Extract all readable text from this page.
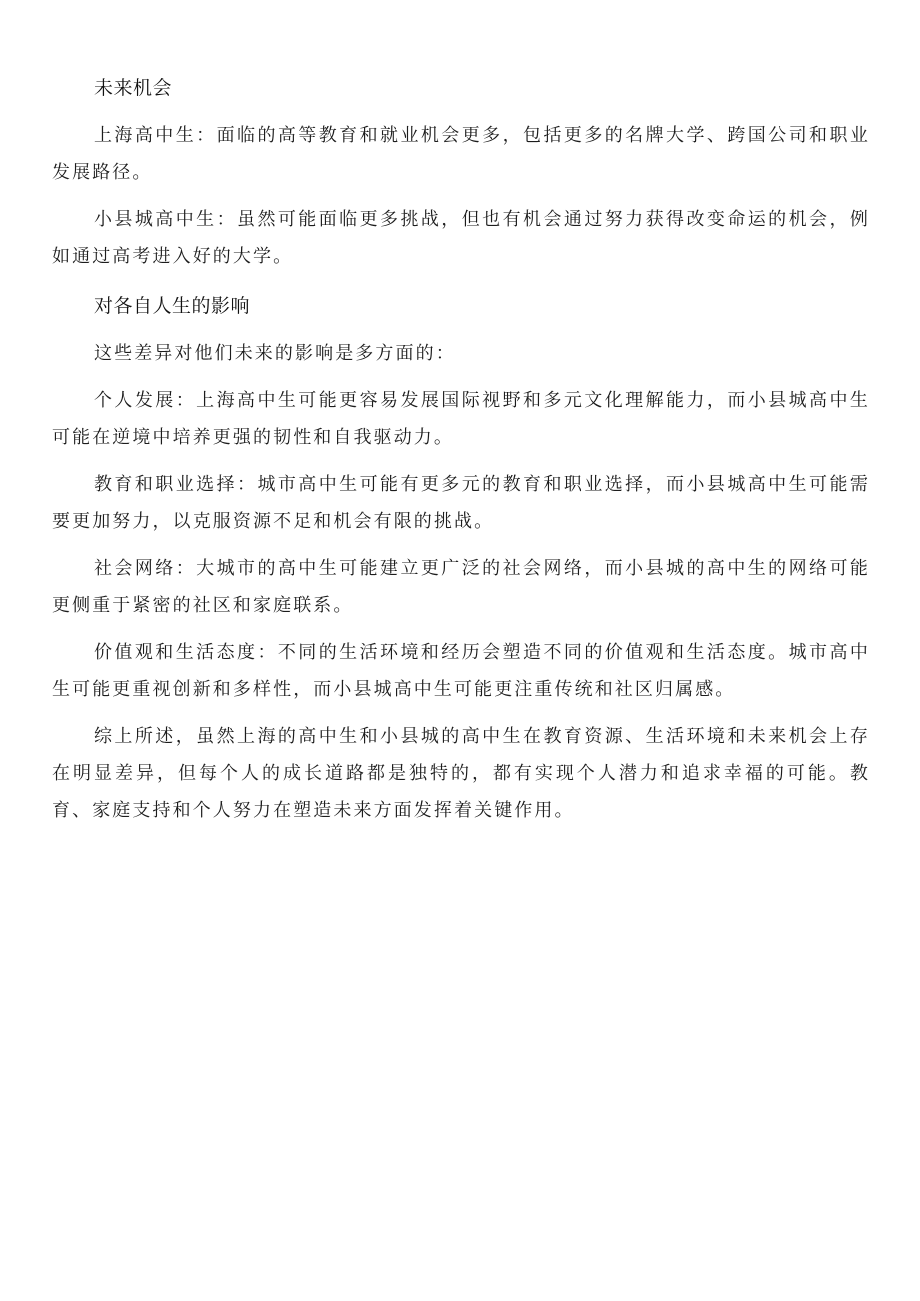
未来机会

上海高中生：面临的高等教育和就业机会更多，包括更多的名牌大学、跨国公司和职业发展路径。

小县城高中生：虽然可能面临更多挑战，但也有机会通过努力获得改变命运的机会，例如通过高考进入好的大学。

对各自人生的影响

这些差异对他们未来的影响是多方面的：

个人发展：上海高中生可能更容易发展国际视野和多元文化理解能力，而小县城高中生可能在逆境中培养更强的韧性和自我驱动力。

教育和职业选择：城市高中生可能有更多元的教育和职业选择，而小县城高中生可能需要更加努力，以克服资源不足和机会有限的挑战。

社会网络：大城市的高中生可能建立更广泛的社会网络，而小县城的高中生的网络可能更侧重于紧密的社区和家庭联系。

价值观和生活态度：不同的生活环境和经历会塑造不同的价值观和生活态度。城市高中生可能更重视创新和多样性，而小县城高中生可能更注重传统和社区归属感。

综上所述，虽然上海的高中生和小县城的高中生在教育资源、生活环境和未来机会上存在明显差异，但每个人的成长道路都是独特的，都有实现个人潜力和追求幸福的可能。教育、家庭支持和个人努力在塑造未来方面发挥着关键作用。
